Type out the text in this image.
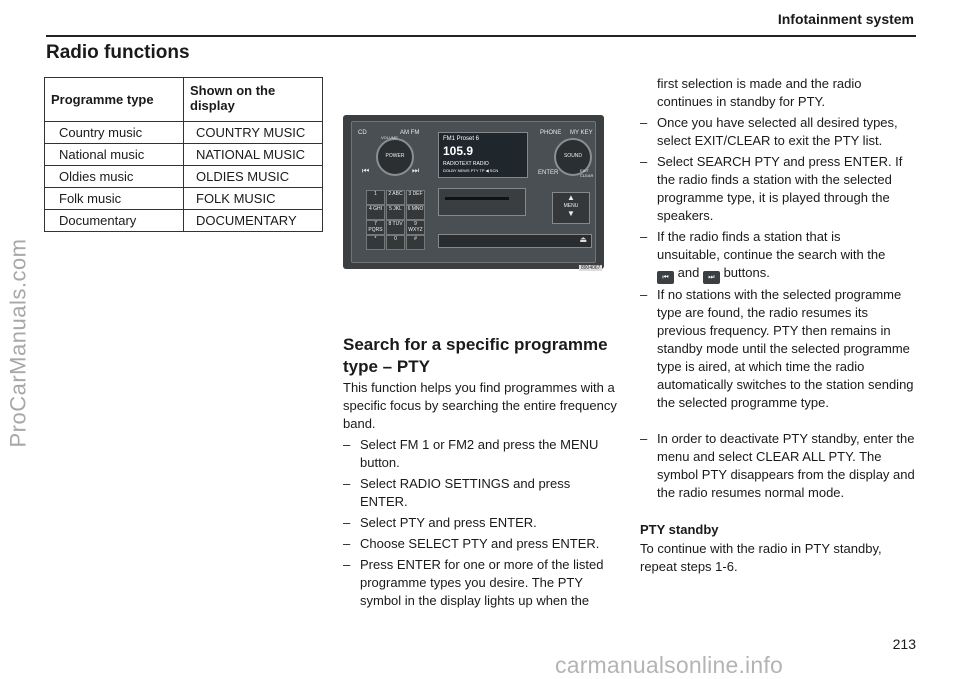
Infotainment system
Radio functions
ProCarManuals.com
Programme type	Shown on the display
Country music	COUNTRY MUSIC
National music	NATIONAL MUSIC
Oldies music	OLDIES MUSIC
Folk music	FOLK MUSIC
Documentary	DOCUMENTARY
CD	AM FM
POWER
VOLUME
⏮	⏭
FM1 Proset 6
105.9
RADIOTEXT RADIO
DOLBY NEWS PTY TP ◀ SCN
PHONE MY KEY
SOUND
ENTER	EXIT
CLEAR
1	2 ABC	3 DEF
4 GHI	5 JKL	6 MNO
7 PQRS
8 TUV	9 WXYZ
*	0	#
▲
MENU
▼
⏏
8904067
Search for a specific programme type – PTY
This function helps you find programmes with a specific focus by searching the entire frequency band.
– Select FM 1 or FM2 and press the MENU button.
– Select RADIO SETTINGS and press ENTER.
– Select PTY and press ENTER.
– Choose SELECT PTY and press ENTER.
– Press ENTER for one or more of the listed programme types you desire. The PTY symbol in the display lights up when the
first selection is made and the radio continues in standby for PTY.
– Once you have selected all desired types, select EXIT/CLEAR to exit the PTY list.
– Select SEARCH PTY and press ENTER. If the radio finds a station with the selected programme type, it is played through the speakers.
– If the radio finds a station that is unsuitable, continue the search with the
⏮ and ⏭ buttons.
– If no stations with the selected programme type are found, the radio resumes its previous frequency. PTY then remains in standby mode until the selected programme type is aired, at which time the radio automatically switches to the station sending the selected programme type.
– In order to deactivate PTY standby, enter the menu and select CLEAR ALL PTY. The symbol PTY disappears from the display and the radio resumes normal mode.
PTY standby
To continue with the radio in PTY standby, repeat steps 1-6.
213
carmanualsonline.info
